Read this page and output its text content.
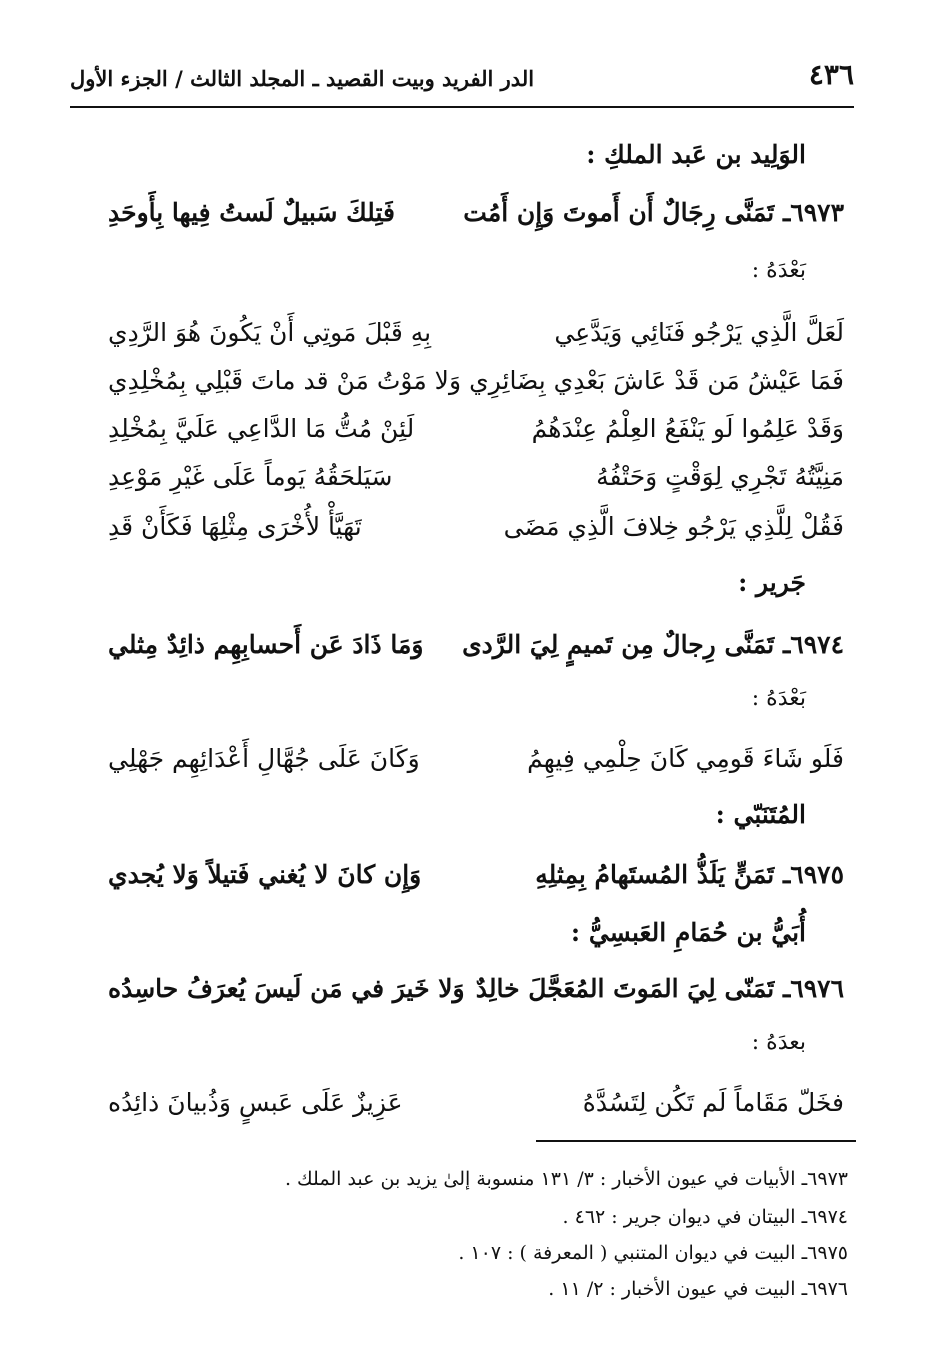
٤٣٦
الدر الفريد وبيت القصيد ـ المجلد الثالث / الجزء الأول
الوَلِيد بن عَبد الملكِ :
٦٩٧٣ـ تَمَنَّى رِجَالٌ أَن أَموتَ وَإِن أَمُت
فَتِلكَ سَبيلٌ لَستُ فِيها بِأَوحَدِ
بَعْدَهُ :
لَعَلَّ الَّذِي يَرْجُو فَنَائِي وَيَدَّعِي
بِهِ قَبْلَ مَوتِي أَنْ يَكُونَ هُوَ الرَّدِي
فَمَا عَيْشُ مَن قَدْ عَاشَ بَعْدِي بِضَائِرِي
وَلا مَوْتُ مَنْ قد ماتَ قَبْلِي بِمُخْلِدِي
وَقَدْ عَلِمُوا لَو يَنْفَعُ العِلْمُ عِنْدَهُمُ
لَئِنْ مُتُّ مَا الدَّاعِي عَلَيَّ بِمُخْلِدِ
مَنِيَّتُهُ تَجْرِي لِوَقْتٍ وَحَتْفُهُ
سَيَلحَقُهُ يَوماً عَلَى غَيْرِ مَوْعِدِ
فَقُلْ لِلَّذِي يَرْجُو خِلافَ الَّذِي مَضَى
تَهَيَّأْ لأُخْرَى مِثْلِهَا فَكَأَنْ قَدِ
جَرير :
٦٩٧٤ـ تَمَنَّى رِجالٌ مِن تَميمٍ لِيَ الرَّدى
وَمَا ذَادَ عَن أَحسابِهِم ذائِدٌ مِثلي
بَعْدَهُ :
فَلَو شَاءَ قَومِي كَانَ حِلْمِي فِيهِمُ
وَكَانَ عَلَى جُهَّالِ أَعْدَائِهِم جَهْلِي
المُتَنَبّي :
٦٩٧٥ـ تَمَنٍّ يَلَذُّ المُستَهامُ بِمِثلِهِ
وَإِن كانَ لا يُغني فَتيلاً وَلا يُجدي
أُبَيُّ بن حُمَامِ العَبسِيُّ :
٦٩٧٦ـ تَمَنّى لِيَ المَوتَ المُعَجَّلَ خالِدٌ
وَلا خَيرَ في مَن لَيسَ يُعرَفُ حاسِدُه
بعدَهُ :
فخَلّ مَقَاماً لَم تَكُن لِتَسُدَّهُ
عَزِيزٌ عَلَى عَبسٍ وَذُبيانَ ذائِدُه
٦٩٧٣ـ الأبيات في عيون الأخبار : ٣/ ١٣١ منسوبة إلىٰ يزيد بن عبد الملك .
٦٩٧٤ـ البيتان في ديوان جرير : ٤٦٢ .
٦٩٧٥ـ البيت في ديوان المتنبي ( المعرفة ) : ١٠٧ .
٦٩٧٦ـ البيت في عيون الأخبار : ٢/ ١١ .
